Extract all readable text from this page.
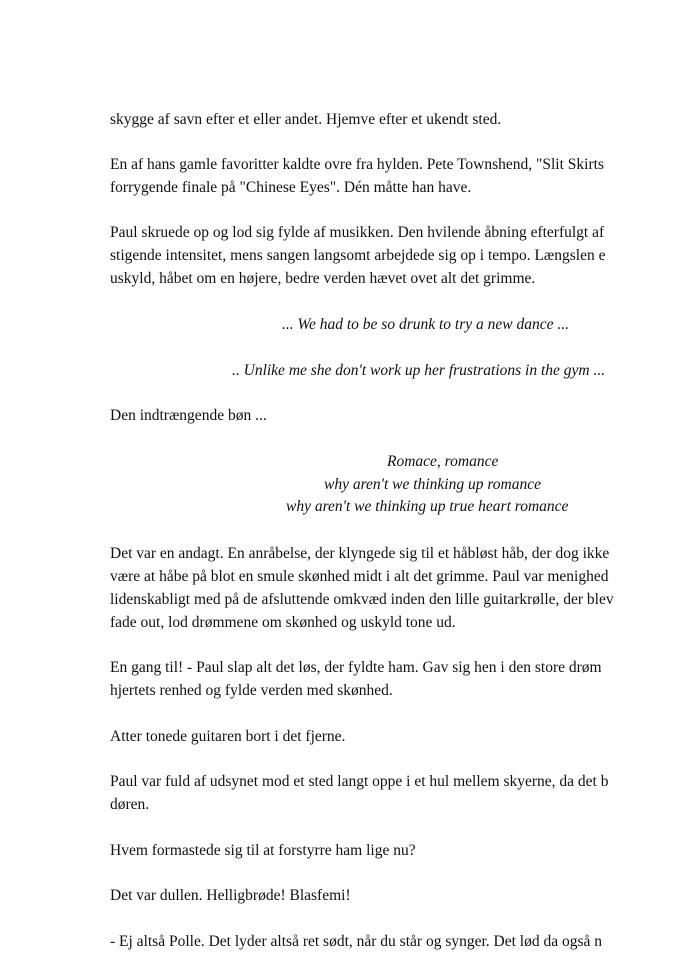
skygge af savn efter et eller andet. Hjemve efter et ukendt sted.
En af hans gamle favoritter kaldte ovre fra hylden. Pete Townshend, "Slit Skirts
forrygende finale på "Chinese Eyes". Dén måtte han have.
Paul skruede op og lod sig fylde af musikken. Den hvilende åbning efterfulgt af
stigende intensitet, mens sangen langsomt arbejdede sig op i tempo. Længslen e
uskyld, håbet om en højere, bedre verden hævet ovet alt det grimme.
... We had to be so drunk to try a new dance ...
.. Unlike me she don't work up her frustrations in the gym ...
Den indtrængende bøn ...
Romace, romance
why aren't we thinking up romance
why aren't we thinking up true heart romance
Det var en andagt. En anråbelse, der klyngede sig til et håbløst håb, der dog ikke
være at håbe på blot en smule skønhed midt i alt det grimme. Paul var menighed
lidenskabligt med på de afsluttende omkvæd inden den lille guitarkrølle, der blev
fade out, lod drømmene om skønhed og uskyld tone ud.
En gang til! - Paul slap alt det løs, der fyldte ham. Gav sig hen i den store drøm
hjertets renhed og fylde verden med skønhed.
Atter tonede guitaren bort i det fjerne.
Paul var fuld af udsynet mod et sted langt oppe i et hul mellem skyerne, da det b
døren.
Hvem formastede sig til at forstyrre ham lige nu?
Det var dullen. Helligbrøde! Blasfemi!
- Ej altså Polle. Det lyder altså ret sødt, når du står og synger. Det lød da også n
